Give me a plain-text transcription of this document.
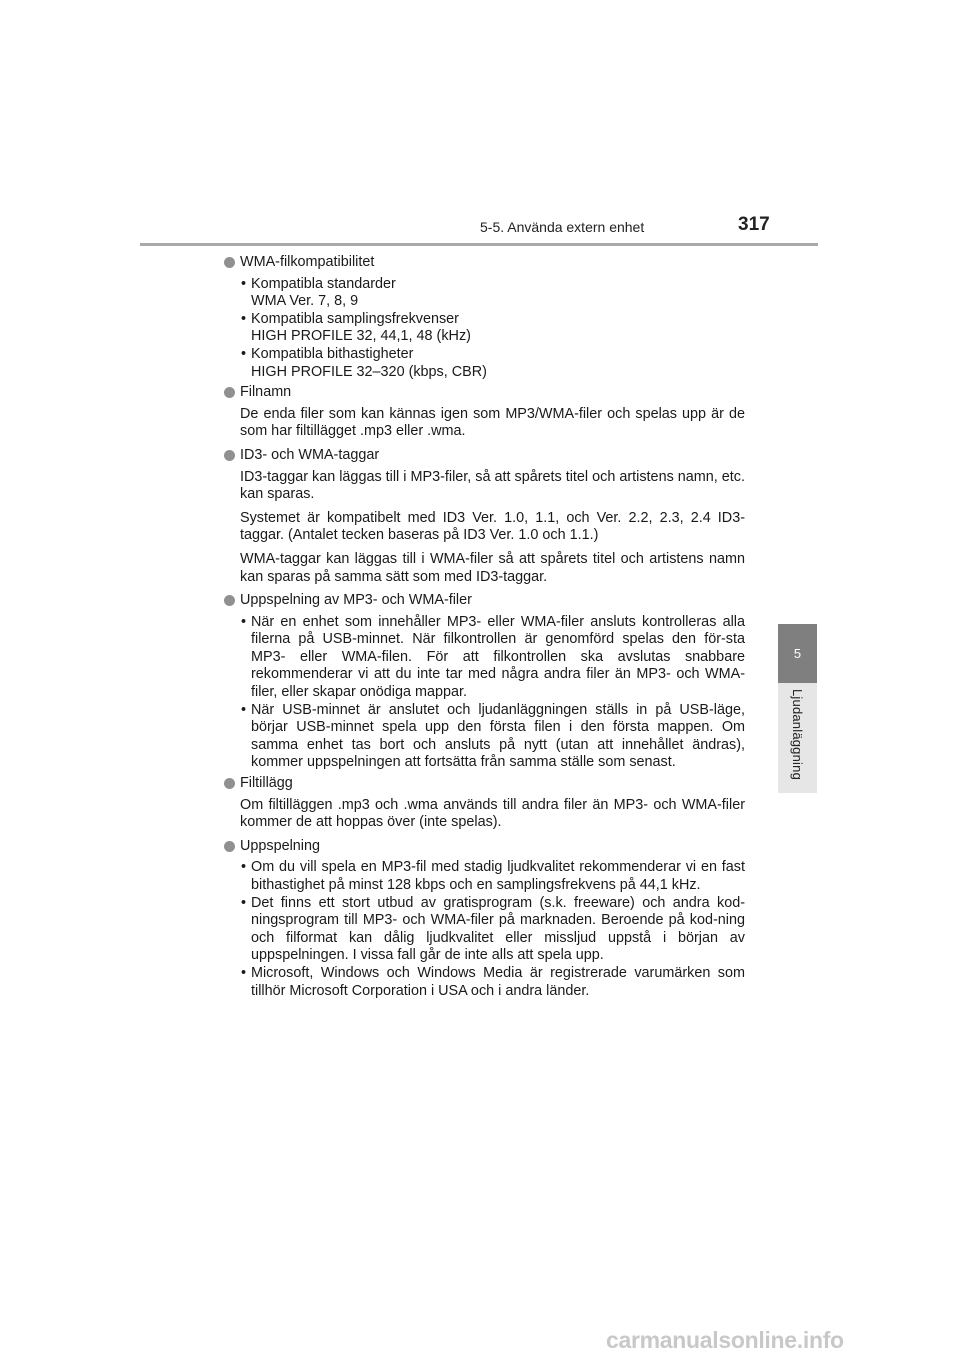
5-5. Använda extern enhet	317
5
Ljudanläggning
WMA-filkompatibilitet
• Kompatibla standarder
WMA Ver. 7, 8, 9
• Kompatibla samplingsfrekvenser
HIGH PROFILE 32, 44,1, 48 (kHz)
• Kompatibla bithastigheter
HIGH PROFILE 32–320 (kbps, CBR)
Filnamn

De enda filer som kan kännas igen som MP3/WMA-filer och spelas upp är de som har filtillägget .mp3 eller .wma.

ID3- och WMA-taggar

ID3-taggar kan läggas till i MP3-filer, så att spårets titel och artistens namn, etc. kan sparas.

Systemet är kompatibelt med ID3 Ver. 1.0, 1.1, och Ver. 2.2, 2.3, 2.4 ID3-taggar. (Antalet tecken baseras på ID3 Ver. 1.0 och 1.1.)

WMA-taggar kan läggas till i WMA-filer så att spårets titel och artistens namn kan sparas på samma sätt som med ID3-taggar.

Uppspelning av MP3- och WMA-filer
• När en enhet som innehåller MP3- eller WMA-filer ansluts kontrolleras alla filerna på USB-minnet. När filkontrollen är genomförd spelas den för-sta MP3- eller WMA-filen. För att filkontrollen ska avslutas snabbare rekommenderar vi att du inte tar med några andra filer än MP3- och WMA-filer, eller skapar onödiga mappar.
• När USB-minnet är anslutet och ljudanläggningen ställs in på USB-läge, börjar USB-minnet spela upp den första filen i den första mappen. Om samma enhet tas bort och ansluts på nytt (utan att innehållet ändras), kommer uppspelningen att fortsätta från samma ställe som senast.
Filtillägg

Om filtilläggen .mp3 och .wma används till andra filer än MP3- och WMA-filer kommer de att hoppas över (inte spelas).

Uppspelning
• Om du vill spela en MP3-fil med stadig ljudkvalitet rekommenderar vi en fast bithastighet på minst 128 kbps och en samplingsfrekvens på 44,1 kHz.
• Det finns ett stort utbud av gratisprogram (s.k. freeware) och andra kod-ningsprogram till MP3- och WMA-filer på marknaden. Beroende på kod-ning och filformat kan dålig ljudkvalitet eller missljud uppstå i början av uppspelningen. I vissa fall går de inte alls att spela upp.
• Microsoft, Windows och Windows Media är registrerade varumärken som tillhör Microsoft Corporation i USA och i andra länder.
carmanualsonline.info
